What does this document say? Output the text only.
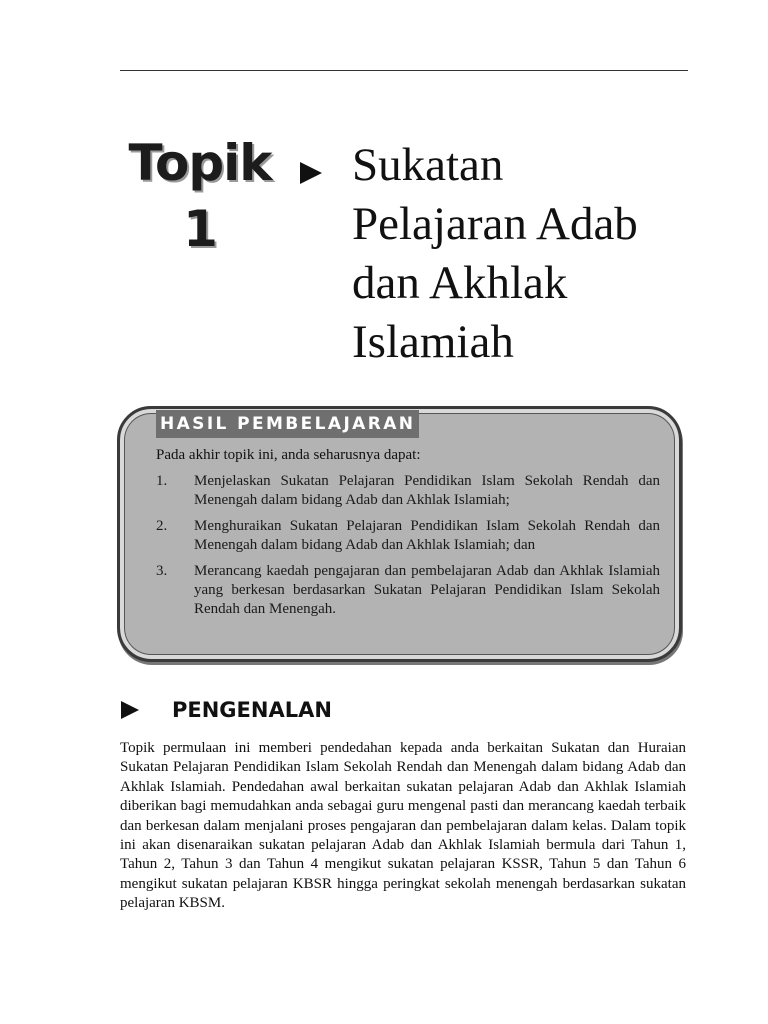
Topik
1
Sukatan
Pelajaran Adab
dan Akhlak
Islamiah
HASIL PEMBELAJARAN
Pada akhir topik ini, anda seharusnya dapat:
1. Menjelaskan Sukatan Pelajaran Pendidikan Islam Sekolah Rendah dan Menengah dalam bidang Adab dan Akhlak Islamiah;
2. Menghuraikan Sukatan Pelajaran Pendidikan Islam Sekolah Rendah dan Menengah dalam bidang Adab dan Akhlak Islamiah; dan
3. Merancang kaedah pengajaran dan pembelajaran Adab dan Akhlak Islamiah yang berkesan berdasarkan Sukatan Pelajaran Pendidikan Islam Sekolah Rendah dan Menengah.
PENGENALAN
Topik permulaan ini memberi pendedahan kepada anda berkaitan Sukatan dan Huraian Sukatan Pelajaran Pendidikan Islam Sekolah Rendah dan Menengah dalam bidang Adab dan Akhlak Islamiah. Pendedahan awal berkaitan sukatan pelajaran Adab dan Akhlak Islamiah diberikan bagi memudahkan anda sebagai guru mengenal pasti dan merancang kaedah terbaik dan berkesan dalam menjalani proses pengajaran dan pembelajaran dalam kelas. Dalam topik ini akan disenaraikan sukatan pelajaran Adab dan Akhlak Islamiah bermula dari Tahun 1, Tahun 2, Tahun 3 dan Tahun 4 mengikut sukatan pelajaran KSSR, Tahun 5 dan Tahun 6 mengikut sukatan pelajaran KBSR hingga peringkat sekolah menengah berdasarkan sukatan pelajaran KBSM.
